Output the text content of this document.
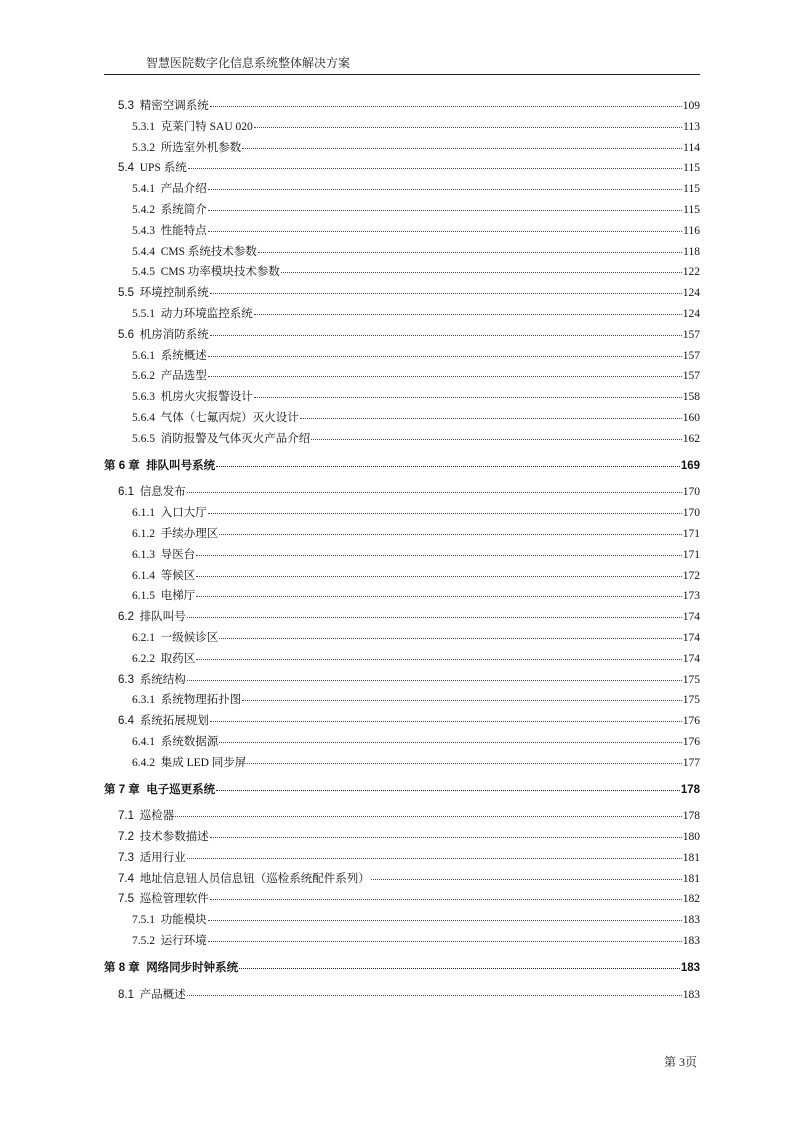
智慧医院数字化信息系统整体解决方案
5.3 精密空调系统	109
5.3.1 克莱门特 SAU 020	113
5.3.2 所选室外机参数	114
5.4 UPS 系统	115
5.4.1 产品介绍	115
5.4.2 系统简介	115
5.4.3 性能特点	116
5.4.4 CMS 系统技术参数	118
5.4.5 CMS 功率模块技术参数	122
5.5 环境控制系统	124
5.5.1 动力环境监控系统	124
5.6 机房消防系统	157
5.6.1 系统概述	157
5.6.2 产品选型	157
5.6.3 机房火灾报警设计	158
5.6.4 气体（七氟丙烷）灭火设计	160
5.6.5 消防报警及气体灭火产品介绍	162
第 6 章 排队叫号系统	169
6.1 信息发布	170
6.1.1 入口大厅	170
6.1.2 手续办理区	171
6.1.3 导医台	171
6.1.4 等候区	172
6.1.5 电梯厅	173
6.2 排队叫号	174
6.2.1 一级候诊区	174
6.2.2 取药区	174
6.3 系统结构	175
6.3.1 系统物理拓扑图	175
6.4 系统拓展规划	176
6.4.1 系统数据源	176
6.4.2 集成 LED 同步屏	177
第 7 章 电子巡更系统	178
7.1 巡检器	178
7.2 技术参数描述	180
7.3 适用行业	181
7.4 地址信息钮人员信息钮（巡检系统配件系列）	181
7.5 巡检管理软件	182
7.5.1 功能模块	183
7.5.2 运行环境	183
第 8 章 网络同步时钟系统	183
8.1 产品概述	183
第 3页
